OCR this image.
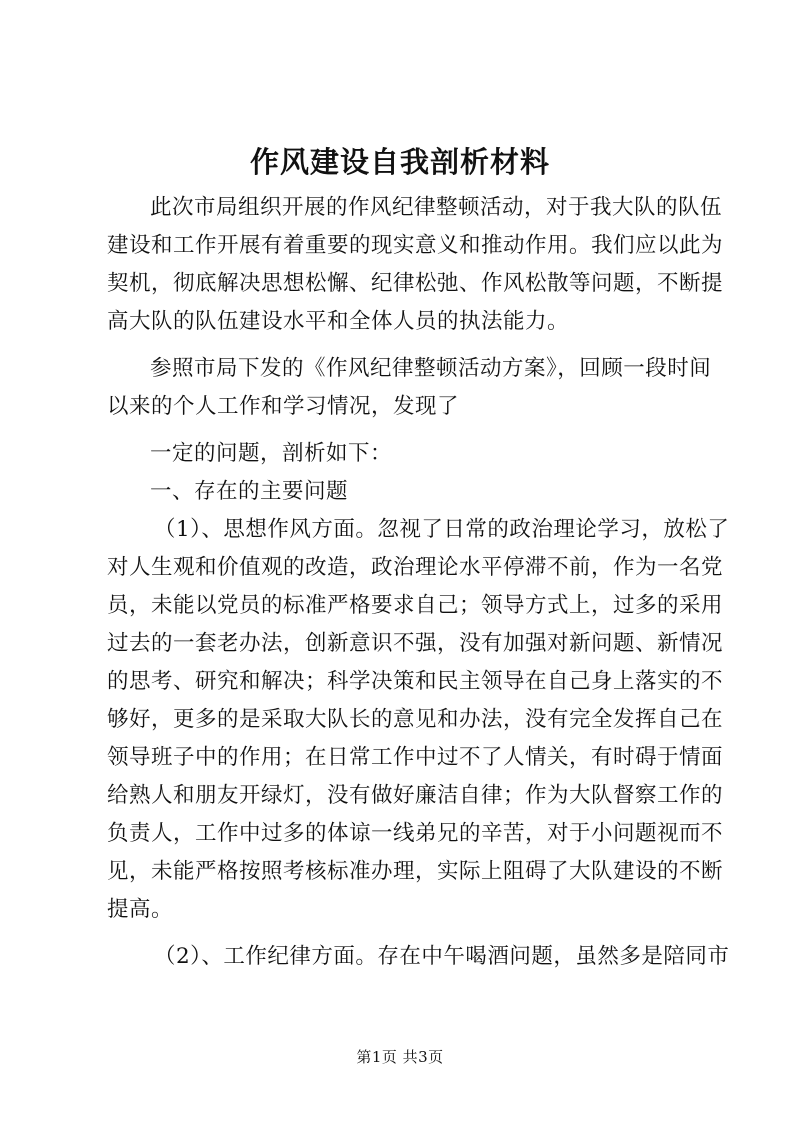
作风建设自我剖析材料
此次市局组织开展的作风纪律整顿活动，对于我大队的队伍
建设和工作开展有着重要的现实意义和推动作用。我们应以此为
契机，彻底解决思想松懈、纪律松弛、作风松散等问题，不断提
高大队的队伍建设水平和全体人员的执法能力。
参照市局下发的《作风纪律整顿活动方案》，回顾一段时间
以来的个人工作和学习情况，发现了
一定的问题，剖析如下：
一、存在的主要问题
（1）、思想作风方面。忽视了日常的政治理论学习，放松了
对人生观和价值观的改造，政治理论水平停滞不前，作为一名党
员，未能以党员的标准严格要求自己；领导方式上，过多的采用
过去的一套老办法，创新意识不强，没有加强对新问题、新情况
的思考、研究和解决；科学决策和民主领导在自己身上落实的不
够好，更多的是采取大队长的意见和办法，没有完全发挥自己在
领导班子中的作用；在日常工作中过不了人情关，有时碍于情面
给熟人和朋友开绿灯，没有做好廉洁自律；作为大队督察工作的
负责人，工作中过多的体谅一线弟兄的辛苦，对于小问题视而不
见，未能严格按照考核标准办理，实际上阻碍了大队建设的不断
提高。
（2）、工作纪律方面。存在中午喝酒问题，虽然多是陪同市
第1页 共3页
